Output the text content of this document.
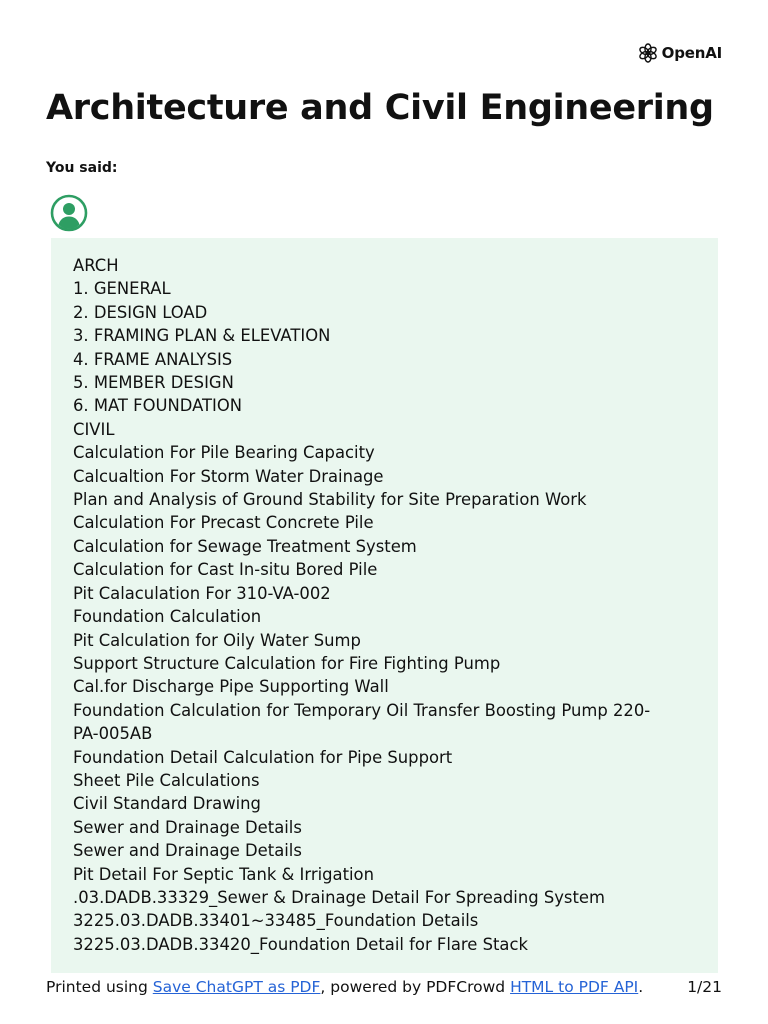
OpenAI
Architecture and Civil Engineering
You said:
ARCH
1. GENERAL
2. DESIGN LOAD
3. FRAMING PLAN & ELEVATION
4. FRAME ANALYSIS
5. MEMBER DESIGN
6. MAT FOUNDATION
CIVIL
Calculation For Pile Bearing Capacity
Calcualtion For Storm Water Drainage
Plan and Analysis of Ground Stability for Site Preparation Work
Calculation For Precast Concrete Pile
Calculation for Sewage Treatment System
Calculation for Cast In-situ Bored Pile
Pit Calaculation For 310-VA-002
Foundation Calculation
Pit Calculation for Oily Water Sump
Support Structure Calculation for Fire Fighting Pump
Cal.for Discharge Pipe Supporting Wall
Foundation Calculation for Temporary Oil Transfer Boosting Pump 220-
PA-005AB
Foundation Detail Calculation for Pipe Support
Sheet Pile Calculations
Civil Standard Drawing
Sewer and Drainage Details
Sewer and Drainage Details
Pit Detail For Septic Tank & Irrigation
.03.DADB.33329_Sewer & Drainage Detail For Spreading System
3225.03.DADB.33401~33485_Foundation Details
3225.03.DADB.33420_Foundation Detail for Flare Stack
Printed using Save ChatGPT as PDF, powered by PDFCrowd HTML to PDF API.	1/21
